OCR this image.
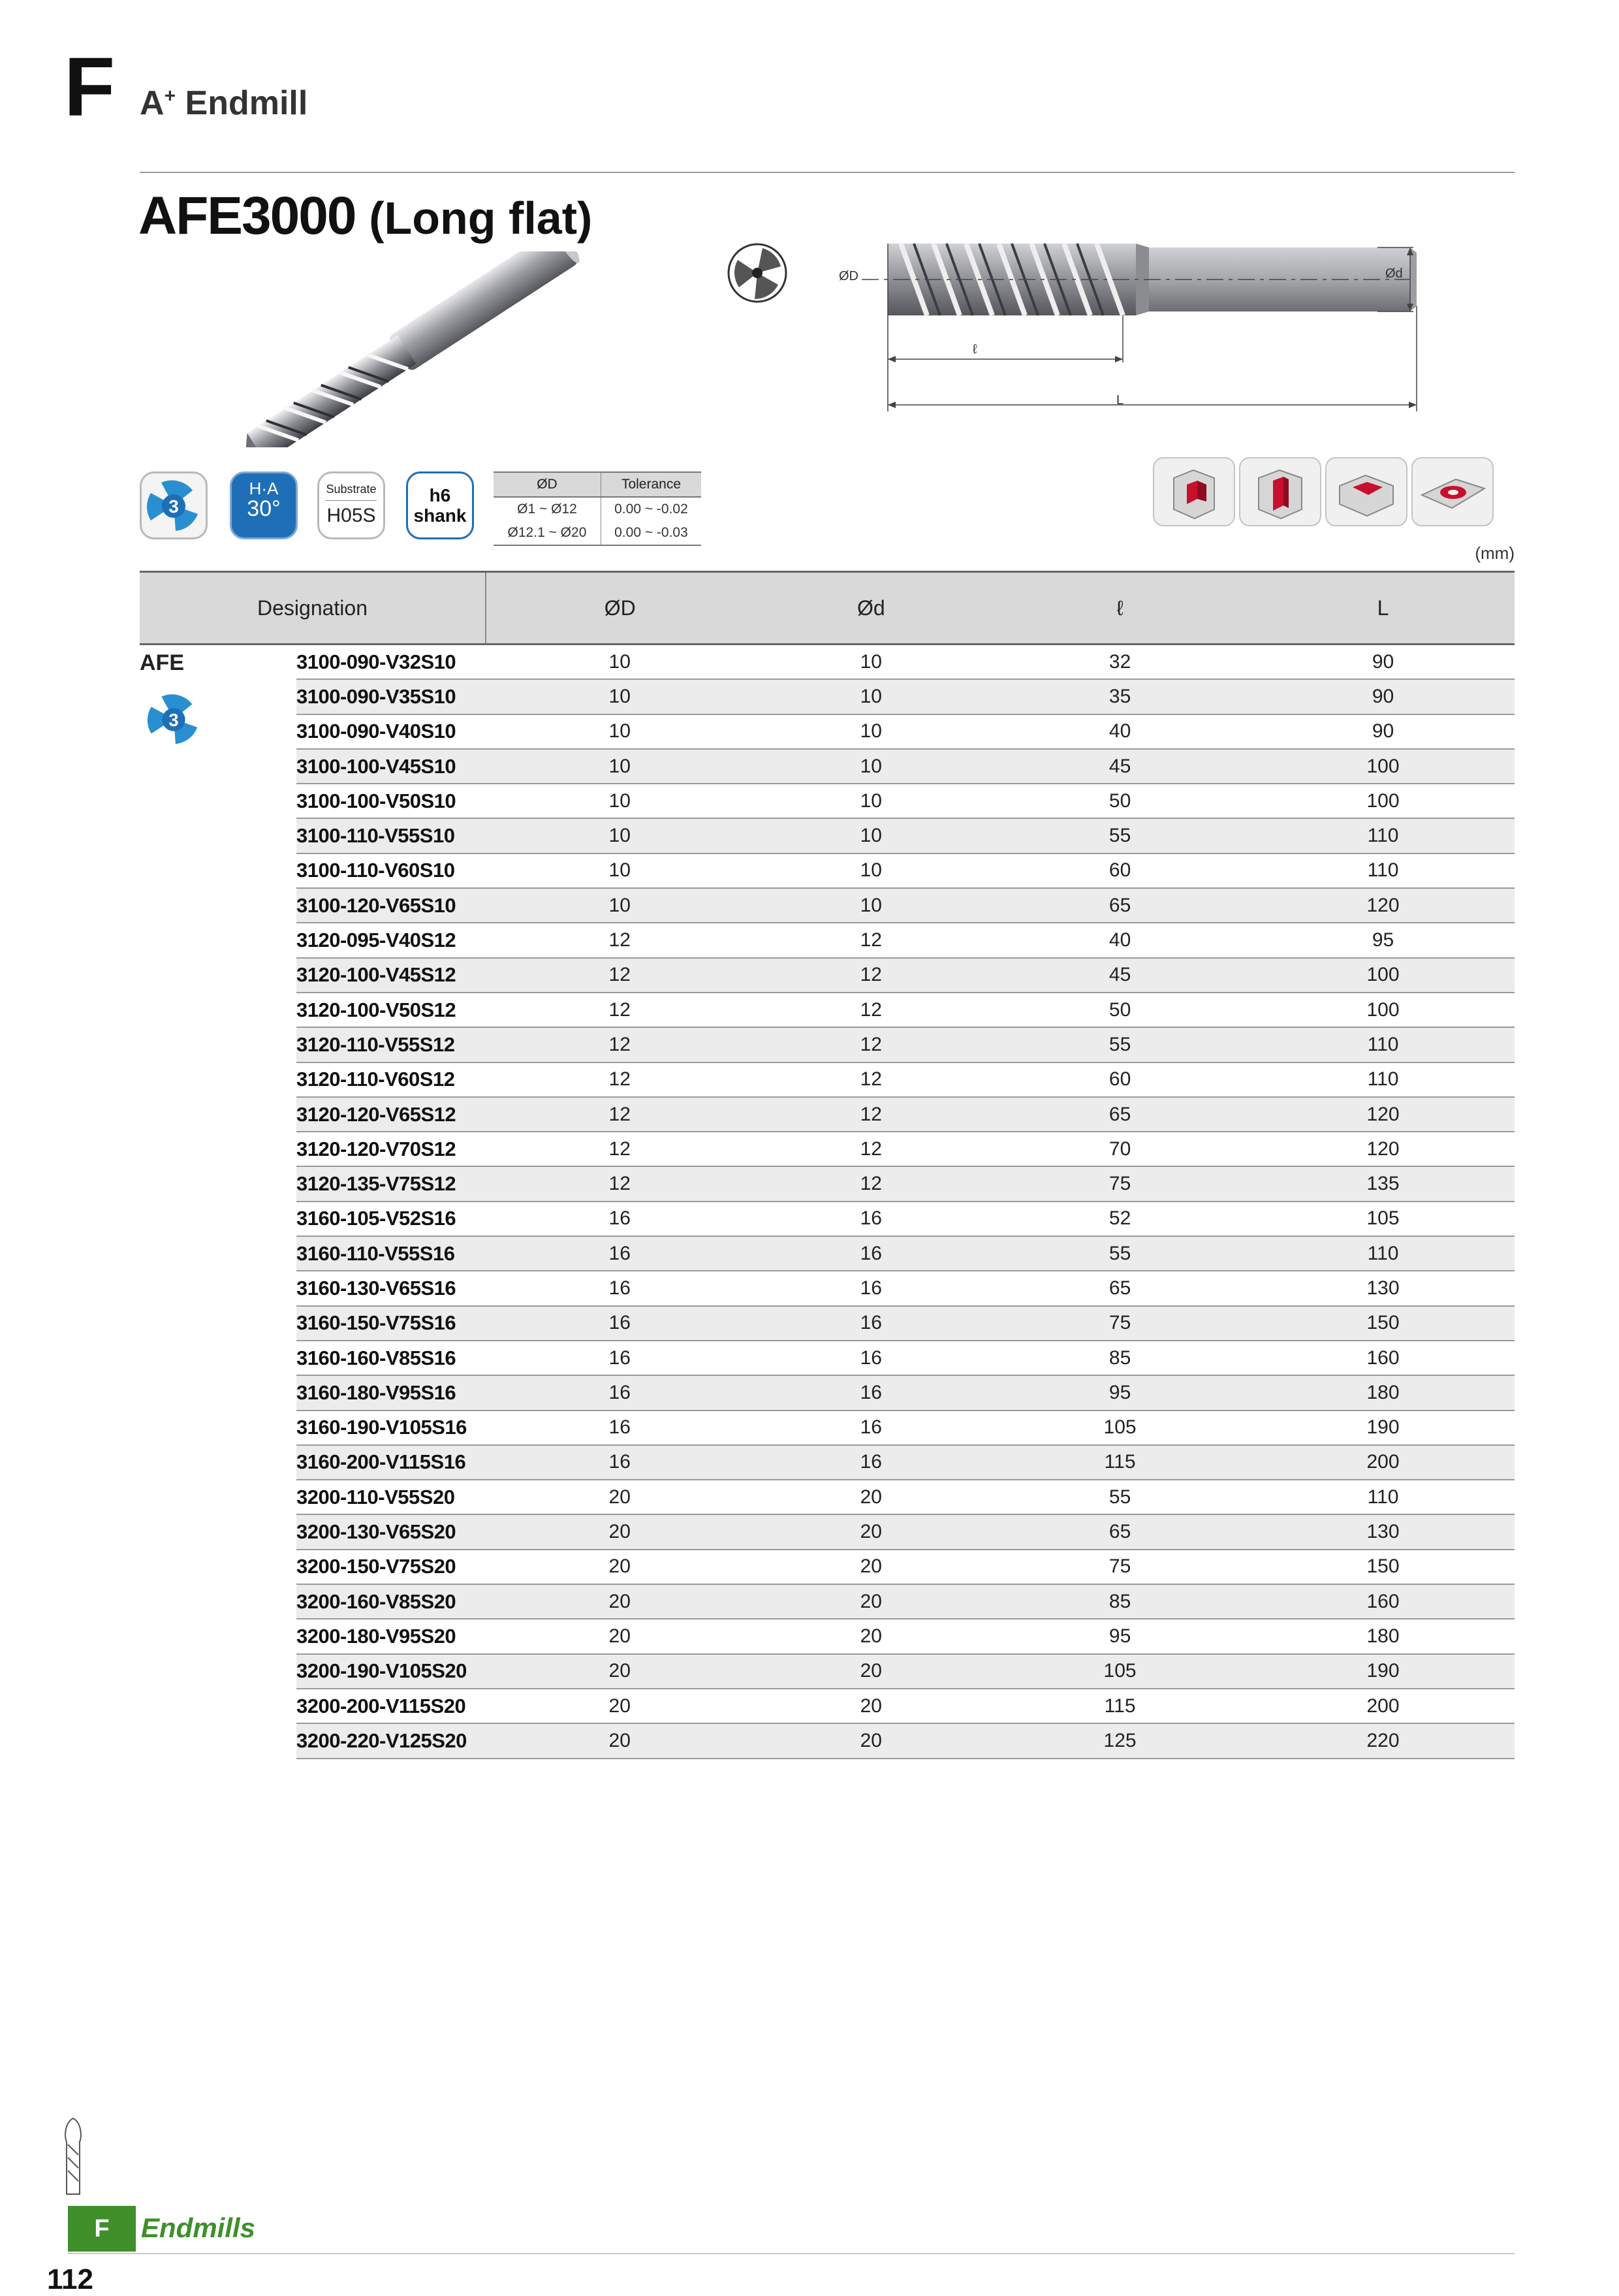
F A+ Endmill
AFE3000 (Long flat)
ØD	Ød
ℓ
L
3
H·A
30°
Substrate
H05S
h6
shank
ØD	Tolerance
Ø1 ~ Ø12	0.00 ~ -0.02
Ø12.1 ~ Ø20	0.00 ~ -0.03
(mm)
Designation		ØD	Ød	ℓ	L

AFE
3	3100-090-V32S10	10	10	32	90
	3100-090-V35S10	10	10	35	90
	3100-090-V40S10	10	10	40	90
	3100-100-V45S10	10	10	45	100
	3100-100-V50S10	10	10	50	100
	3100-110-V55S10	10	10	55	110
	3100-110-V60S10	10	10	60	110
	3100-120-V65S10	10	10	65	120
	3120-095-V40S12	12	12	40	95
	3120-100-V45S12	12	12	45	100
	3120-100-V50S12	12	12	50	100
	3120-110-V55S12	12	12	55	110
	3120-110-V60S12	12	12	60	110
	3120-120-V65S12	12	12	65	120
	3120-120-V70S12	12	12	70	120
	3120-135-V75S12	12	12	75	135
	3160-105-V52S16	16	16	52	105
	3160-110-V55S16	16	16	55	110
	3160-130-V65S16	16	16	65	130
	3160-150-V75S16	16	16	75	150
	3160-160-V85S16	16	16	85	160
	3160-180-V95S16	16	16	95	180
	3160-190-V105S16	16	16	105	190
	3160-200-V115S16	16	16	115	200
	3200-110-V55S20	20	20	55	110
	3200-130-V65S20	20	20	65	130
	3200-150-V75S20	20	20	75	150
	3200-160-V85S20	20	20	85	160
	3200-180-V95S20	20	20	95	180
	3200-190-V105S20	20	20	105	190
	3200-200-V115S20	20	20	115	200
	3200-220-V125S20	20	20	125	220
F	Endmills
112
